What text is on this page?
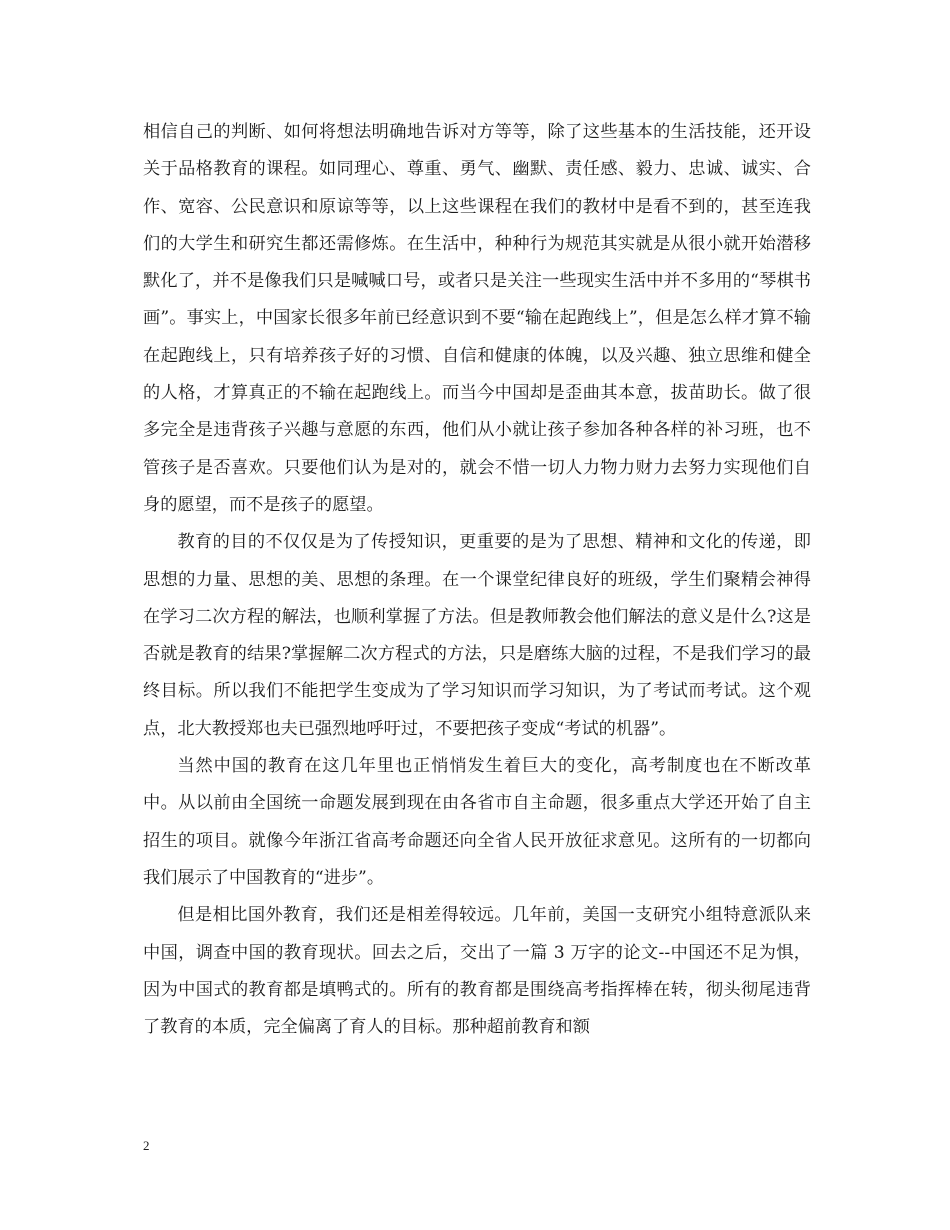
相信自己的判断、如何将想法明确地告诉对方等等，除了这些基本的生活技能，还开设关于品格教育的课程。如同理心、尊重、勇气、幽默、责任感、毅力、忠诚、诚实、合作、宽容、公民意识和原谅等等，以上这些课程在我们的教材中是看不到的，甚至连我们的大学生和研究生都还需修炼。在生活中，种种行为规范其实就是从很小就开始潜移默化了，并不是像我们只是喊喊口号，或者只是关注一些现实生活中并不多用的“琴棋书画”。事实上，中国家长很多年前已经意识到不要“输在起跑线上”，但是怎么样才算不输在起跑线上，只有培养孩子好的习惯、自信和健康的体魄，以及兴趣、独立思维和健全的人格，才算真正的不输在起跑线上。而当今中国却是歪曲其本意，拔苗助长。做了很多完全是违背孩子兴趣与意愿的东西，他们从小就让孩子参加各种各样的补习班，也不管孩子是否喜欢。只要他们认为是对的，就会不惜一切人力物力财力去努力实现他们自身的愿望，而不是孩子的愿望。

教育的目的不仅仅是为了传授知识，更重要的是为了思想、精神和文化的传递，即思想的力量、思想的美、思想的条理。在一个课堂纪律良好的班级，学生们聚精会神得在学习二次方程的解法，也顺利掌握了方法。但是教师教会他们解法的意义是什么?这是否就是教育的结果?掌握解二次方程式的方法，只是磨练大脑的过程，不是我们学习的最终目标。所以我们不能把学生变成为了学习知识而学习知识，为了考试而考试。这个观点，北大教授郑也夫已强烈地呼吁过，不要把孩子变成“考试的机器”。

当然中国的教育在这几年里也正悄悄发生着巨大的变化，高考制度也在不断改革中。从以前由全国统一命题发展到现在由各省市自主命题，很多重点大学还开始了自主招生的项目。就像今年浙江省高考命题还向全省人民开放征求意见。这所有的一切都向我们展示了中国教育的“进步”。

但是相比国外教育，我们还是相差得较远。几年前，美国一支研究小组特意派队来中国，调查中国的教育现状。回去之后，交出了一篇 3 万字的论文--中国还不足为惧，因为中国式的教育都是填鸭式的。所有的教育都是围绕高考指挥棒在转，彻头彻尾违背了教育的本质，完全偏离了育人的目标。那种超前教育和额

2
